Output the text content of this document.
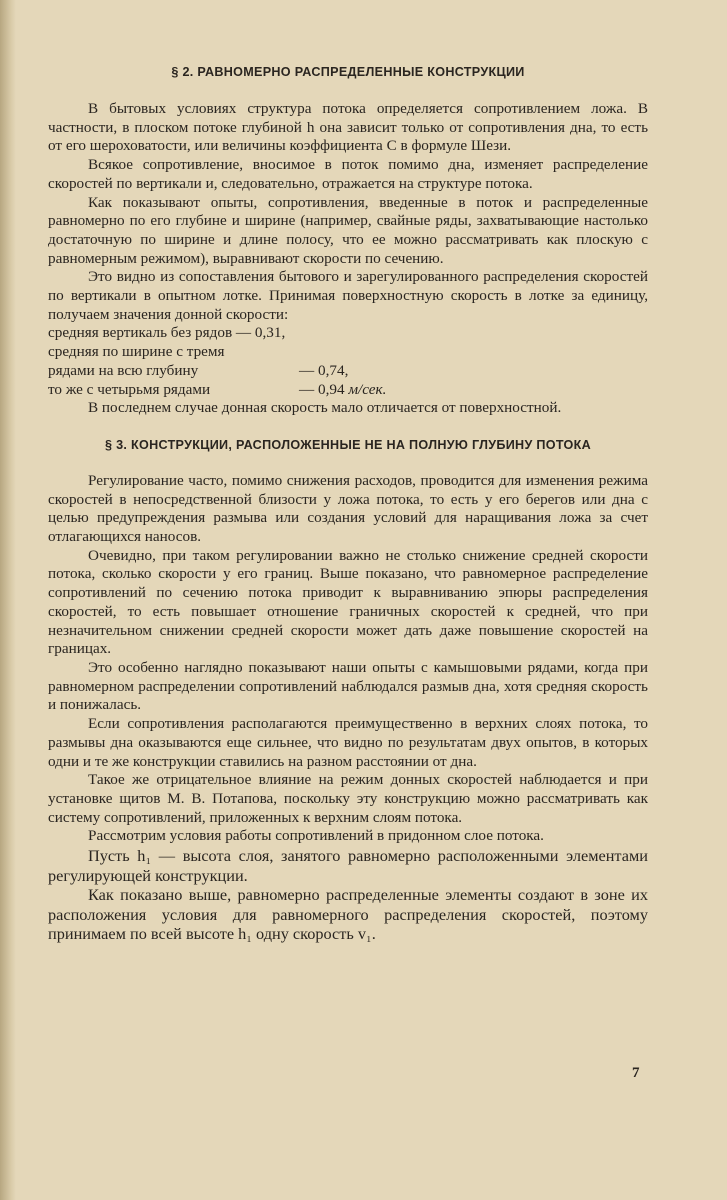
§ 2. РАВНОМЕРНО РАСПРЕДЕЛЕННЫЕ КОНСТРУКЦИИ

В бытовых условиях структура потока определяется сопротивлением ложа. В частности, в плоском потоке глубиной h она зависит только от сопротивления дна, то есть от его шероховатости, или величины коэффициента C в формуле Шези.

Всякое сопротивление, вносимое в поток помимо дна, изменяет распределение скоростей по вертикали и, следовательно, отражается на структуре потока.

Как показывают опыты, сопротивления, введенные в поток и распределенные равномерно по его глубине и ширине (например, свайные ряды, захватывающие настолько достаточную по ширине и длине полосу, что ее можно рассматривать как плоскую с равномерным режимом), выравнивают скорости по сечению.

Это видно из сопоставления бытового и зарегулированного распределения скоростей по вертикали в опытном лотке. Принимая поверхностную скорость в лотке за единицу, получаем значения донной скорости:

средняя вертикаль без рядов — 0,31,
средняя по ширине с тремя
рядами на всю глубину	— 0,74,
то же с четырьмя рядами	— 0,94
м/сек.

В последнем случае донная скорость мало отличается от поверхностной.

§ 3. КОНСТРУКЦИИ, РАСПОЛОЖЕННЫЕ НЕ НА ПОЛНУЮ ГЛУБИНУ ПОТОКА

Регулирование часто, помимо снижения расходов, проводится для изменения режима скоростей в непосредственной близости у ложа потока, то есть у его берегов или дна с целью предупреждения размыва или создания условий для наращивания ложа за счет отлагающихся наносов.

Очевидно, при таком регулировании важно не столько снижение средней скорости потока, сколько скорости у его границ. Выше показано, что равномерное распределение сопротивлений по сечению потока приводит к выравниванию эпюры распределения скоростей, то есть повышает отношение граничных скоростей к средней, что при незначительном снижении средней скорости может дать даже повышение скоростей на границах.

Это особенно наглядно показывают наши опыты с камышовыми рядами, когда при равномерном распределении сопротивлений наблюдался размыв дна, хотя средняя скорость и понижалась.

Если сопротивления располагаются преимущественно в верхних слоях потока, то размывы дна оказываются еще сильнее, что видно по результатам двух опытов, в которых одни и те же конструкции ставились на разном расстоянии от дна.

Такое же отрицательное влияние на режим донных скоростей наблюдается и при установке щитов М. В. Потапова, поскольку эту конструкцию можно рассматривать как систему сопротивлений, приложенных к верхним слоям потока.

Рассмотрим условия работы сопротивлений в придонном слое потока.

Пусть h₁ — высота слоя, занятого равномерно расположенными элементами регулирующей конструкции.

Как показано выше, равномерно распределенные элементы создают в зоне их расположения условия для равномерного распределения скоростей, поэтому принимаем по всей высоте h₁ одну скорость v₁.

7
